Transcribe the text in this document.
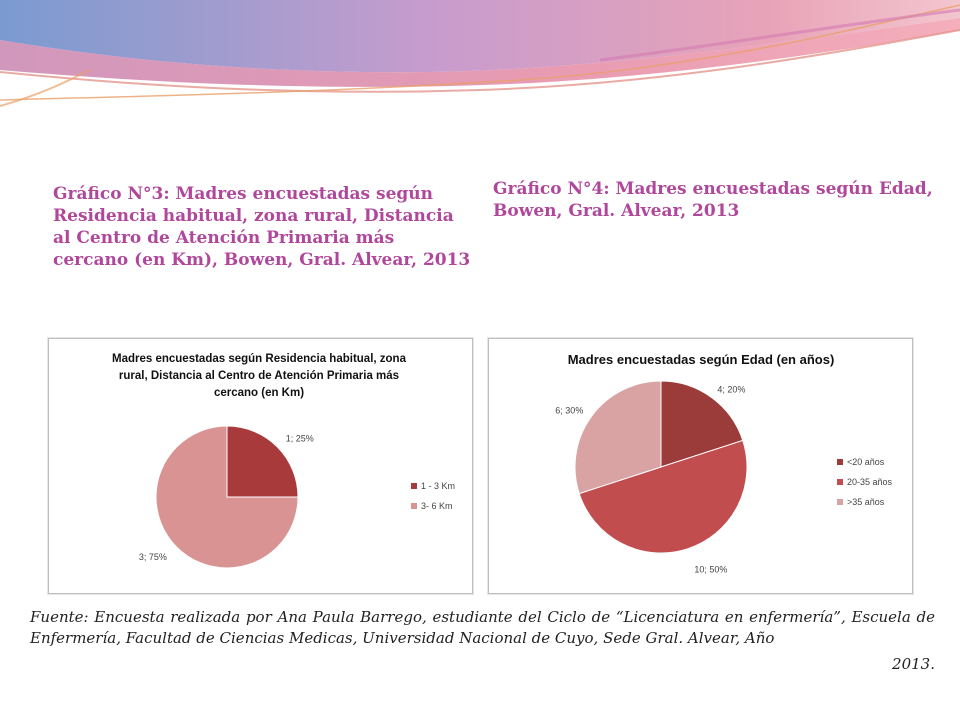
Gráfico N°3: Madres encuestadas según Residencia habitual, zona rural, Distancia al Centro de Atención Primaria más cercano (en Km), Bowen, Gral. Alvear, 2013

Gráfico N°4: Madres encuestadas según Edad, Bowen, Gral. Alvear, 2013

Madres encuestadas según Residencia habitual, zona
rural, Distancia al Centro de Atención Primaria más
cercano (en Km)
1; 25%
3; 75%
1 - 3 Km
3- 6 Km
Madres encuestadas según Edad (en años)
4; 20%
10; 50%
6; 30%
<20 años
20-35 años
>35 años

Fuente: Encuesta realizada por Ana Paula Barrego, estudiante del Ciclo de “Licenciatura en enfermería”, Escuela de Enfermería, Facultad de Ciencias Medicas, Universidad Nacional de Cuyo, Sede Gral. Alvear, Año

2013.
